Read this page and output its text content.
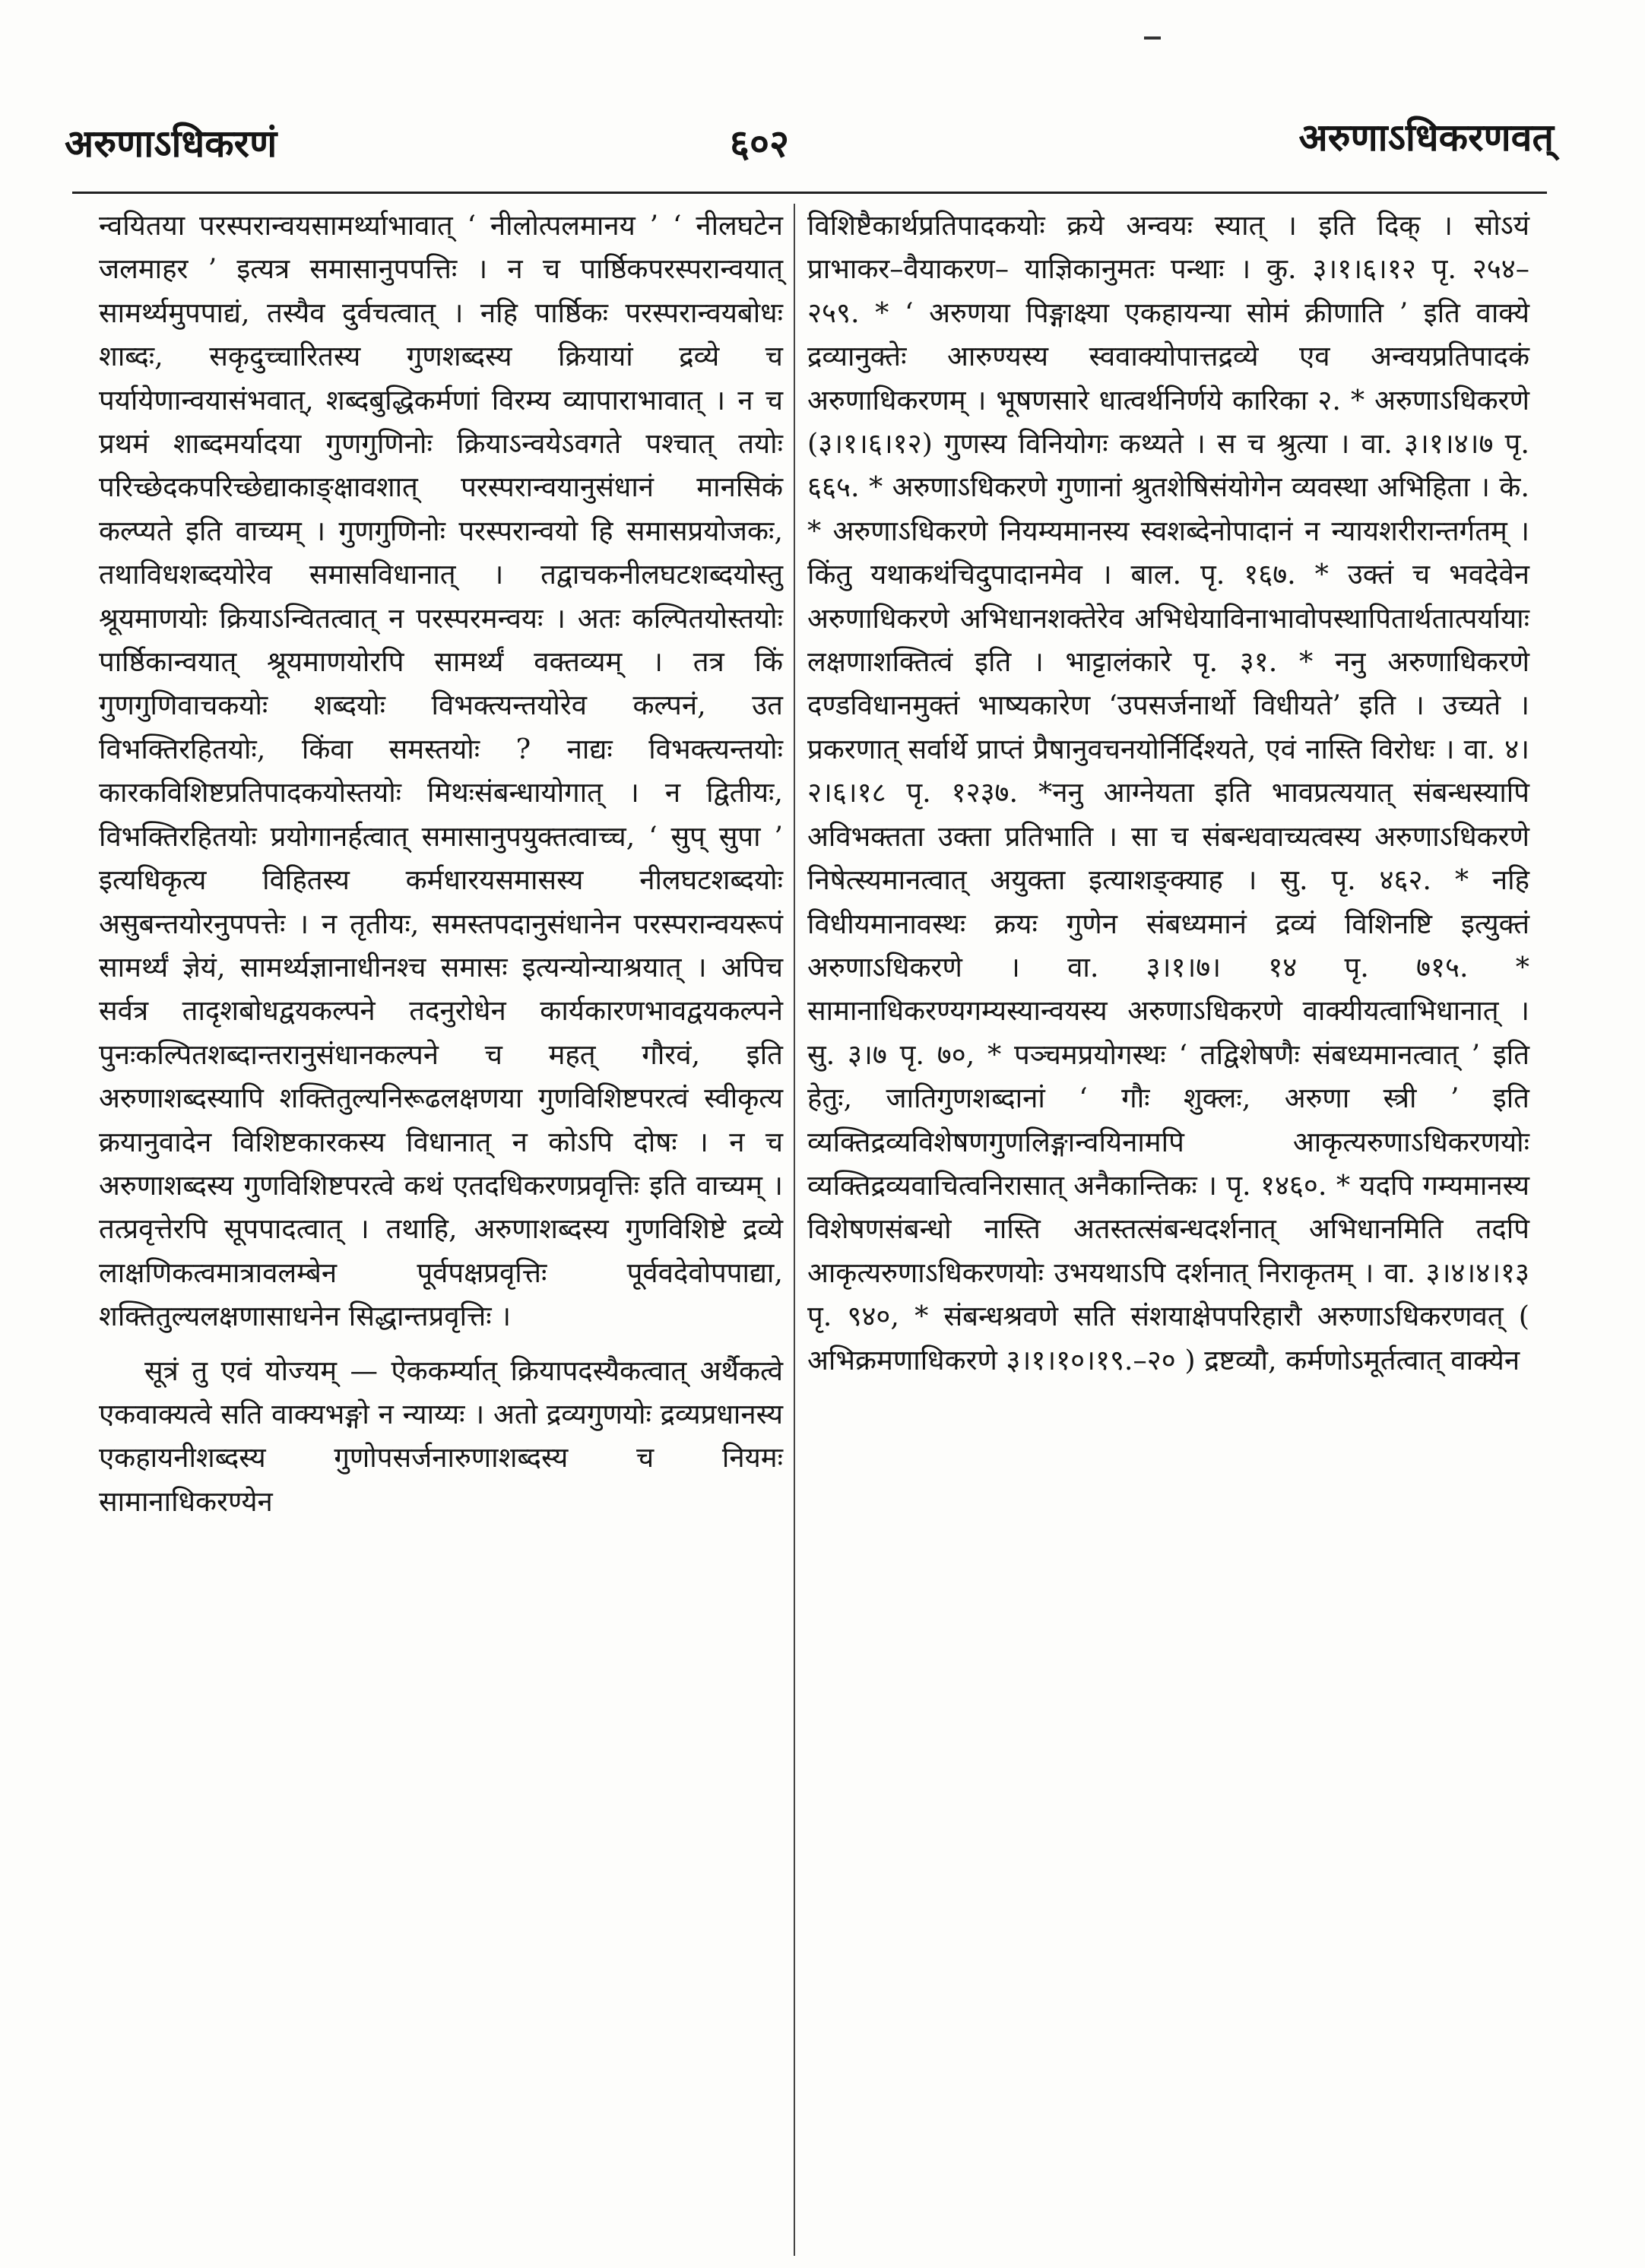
अरुणाऽधिकरणं	६०२	अरुणाऽधिकरणवत्

न्वयितया परस्परान्वयसामर्थ्याभावात् ‘ नीलोत्पलमानय ’ ‘ नीलघटेन जलमाहर ’ इत्यत्र समासानुपपत्तिः । न च पार्ष्ठिकपरस्परान्वयात् सामर्थ्यमुपपाद्यं, तस्यैव दुर्वचत्वात् । नहि पार्ष्ठिकः परस्परान्वयबोधः शाब्दः, सकृदुच्चारितस्य गुणशब्दस्य क्रियायां द्रव्ये च पर्यायेणान्वयासंभवात्, शब्दबुद्धिकर्मणां विरम्य व्यापाराभावात् । न च प्रथमं शाब्दमर्यादया गुणगुणिनोः क्रियाऽन्वयेऽवगते पश्चात् तयोः परिच्छेदकपरिच्छेद्याकाङ्क्षावशात् परस्परान्वयानुसंधानं मानसिकं कल्प्यते इति वाच्यम् । गुणगुणिनोः परस्परान्वयो हि समासप्रयोजकः, तथाविधशब्दयोरेव समासविधानात् । तद्वाचकनीलघटशब्दयोस्तु श्रूयमाणयोः क्रियाऽन्वितत्वात् न परस्परमन्वयः । अतः कल्पितयोस्तयोः पार्ष्ठिकान्वयात् श्रूयमाणयोरपि सामर्थ्यं वक्तव्यम् । तत्र किं गुणगुणिवाचकयोः शब्दयोः विभक्त्यन्तयोरेव कल्पनं, उत विभक्तिरहितयोः, किंवा समस्तयोः ? नाद्यः विभक्त्यन्तयोः कारकविशिष्टप्रतिपादकयोस्तयोः मिथःसंबन्धायोगात् । न द्वितीयः, विभक्तिरहितयोः प्रयोगानर्हत्वात् समासानुपयुक्तत्वाच्च, ‘ सुप् सुपा ’ इत्यधिकृत्य विहितस्य कर्मधारयसमासस्य नीलघटशब्दयोः असुबन्तयोरनुपपत्तेः । न तृतीयः, समस्तपदानुसंधानेन परस्परान्वयरूपं सामर्थ्यं ज्ञेयं, सामर्थ्यज्ञानाधीनश्च समासः इत्यन्योन्याश्रयात् । अपिच सर्वत्र तादृशबोधद्वयकल्पने तदनुरोधेन कार्यकारणभावद्वयकल्पने पुनःकल्पितशब्दान्तरानुसंधानकल्पने च महत् गौरवं, इति अरुणाशब्दस्यापि शक्तितुल्यनिरूढलक्षणया गुणविशिष्टपरत्वं स्वीकृत्य क्रयानुवादेन विशिष्टकारकस्य विधानात् न कोऽपि दोषः । न च अरुणाशब्दस्य गुणविशिष्टपरत्वे कथं एतदधिकरणप्रवृत्तिः इति वाच्यम् । तत्प्रवृत्तेरपि सूपपादत्वात् । तथाहि, अरुणाशब्दस्य गुणविशिष्टे द्रव्ये लाक्षणिकत्वमात्रावलम्बेन पूर्वपक्षप्रवृत्तिः पूर्ववदेवोपपाद्या, शक्तितुल्यलक्षणासाधनेन सिद्धान्तप्रवृत्तिः ।

सूत्रं तु एवं योज्यम् — ऐककर्म्यात् क्रियापदस्यैकत्वात् अर्थैकत्वे एकवाक्यत्वे सति वाक्यभङ्गो न न्याय्यः । अतो द्रव्यगुणयोः द्रव्यप्रधानस्य एकहायनीशब्दस्य गुणोपसर्जनारुणाशब्दस्य च नियमः सामानाधिकरण्येन

विशिष्टैकार्थप्रतिपादकयोः क्रये अन्वयः स्यात् । इति दिक् । सोऽयं प्राभाकर–वैयाकरण– याज्ञिकानुमतः पन्थाः । कु. ३।१।६।१२ पृ. २५४–२५९. * ‘ अरुणया पिङ्गाक्ष्या एकहायन्या सोमं क्रीणाति ’ इति वाक्ये द्रव्यानुक्तेः आरुण्यस्य स्ववाक्योपात्तद्रव्ये एव अन्वयप्रतिपादकं अरुणाधिकरणम् । भूषणसारे धात्वर्थनिर्णये कारिका २. * अरुणाऽधिकरणे (३।१।६।१२) गुणस्य विनियोगः कथ्यते । स च श्रुत्या । वा. ३।१।४।७ पृ. ६६५. * अरुणाऽधिकरणे गुणानां श्रुतशेषिसंयोगेन व्यवस्था अभिहिता । के. * अरुणाऽधिकरणे नियम्यमानस्य स्वशब्देनोपादानं न न्यायशरीरान्तर्गतम् । किंतु यथाकथंचिदुपादानमेव । बाल. पृ. १६७. * उक्तं च भवदेवेन अरुणाधिकरणे अभिधानशक्तेरेव अभिधेयाविनाभावोपस्थापितार्थतात्पर्यायाः लक्षणाशक्तित्वं इति । भाट्टालंकारे पृ. ३१. * ननु अरुणाधिकरणे दण्डविधानमुक्तं भाष्यकारेण ‘उपसर्जनार्थो विधीयते’ इति । उच्यते । प्रकरणात् सर्वार्थे प्राप्तं प्रैषानुवचनयोर्निर्दिश्यते, एवं नास्ति विरोधः । वा. ४।२।६।१८ पृ. १२३७. *ननु आग्नेयता इति भावप्रत्ययात् संबन्धस्यापि अविभक्तता उक्ता प्रतिभाति । सा च संबन्धवाच्यत्वस्य अरुणाऽधिकरणे निषेत्स्यमानत्वात् अयुक्ता इत्याशङ्क्याह । सु. पृ. ४६२. * नहि विधीयमानावस्थः क्रयः गुणेन संबध्यमानं द्रव्यं विशिनष्टि इत्युक्तं अरुणाऽधिकरणे । वा. ३।१।७। १४ पृ. ७१५. * सामानाधिकरण्यगम्यस्यान्वयस्य अरुणाऽधिकरणे वाक्यीयत्वाभिधानात् । सु. ३।७ पृ. ७०, * पञ्चमप्रयोगस्थः ‘ तद्विशेषणैः संबध्यमानत्वात् ’ इति हेतुः, जातिगुणशब्दानां ‘ गौः शुक्लः, अरुणा स्त्री ’ इति व्यक्तिद्रव्यविशेषणगुणलिङ्गान्वयिनामपि आकृत्यरुणाऽधिकरणयोः व्यक्तिद्रव्यवाचित्वनिरासात् अनैकान्तिकः । पृ. १४६०. * यदपि गम्यमानस्य विशेषणसंबन्धो नास्ति अतस्तत्संबन्धदर्शनात् अभिधानमिति तदपि आकृत्यरुणाऽधिकरणयोः उभयथाऽपि दर्शनात् निराकृतम् । वा. ३।४।४।१३ पृ. ९४०, * संबन्धश्रवणे सति संशयाक्षेपपरिहारौ अरुणाऽधिकरणवत् ( अभिक्रमणाधिकरणे ३।१।१०।१९.–२० ) द्रष्टव्यौ, कर्मणोऽमूर्तत्वात् वाक्येन
